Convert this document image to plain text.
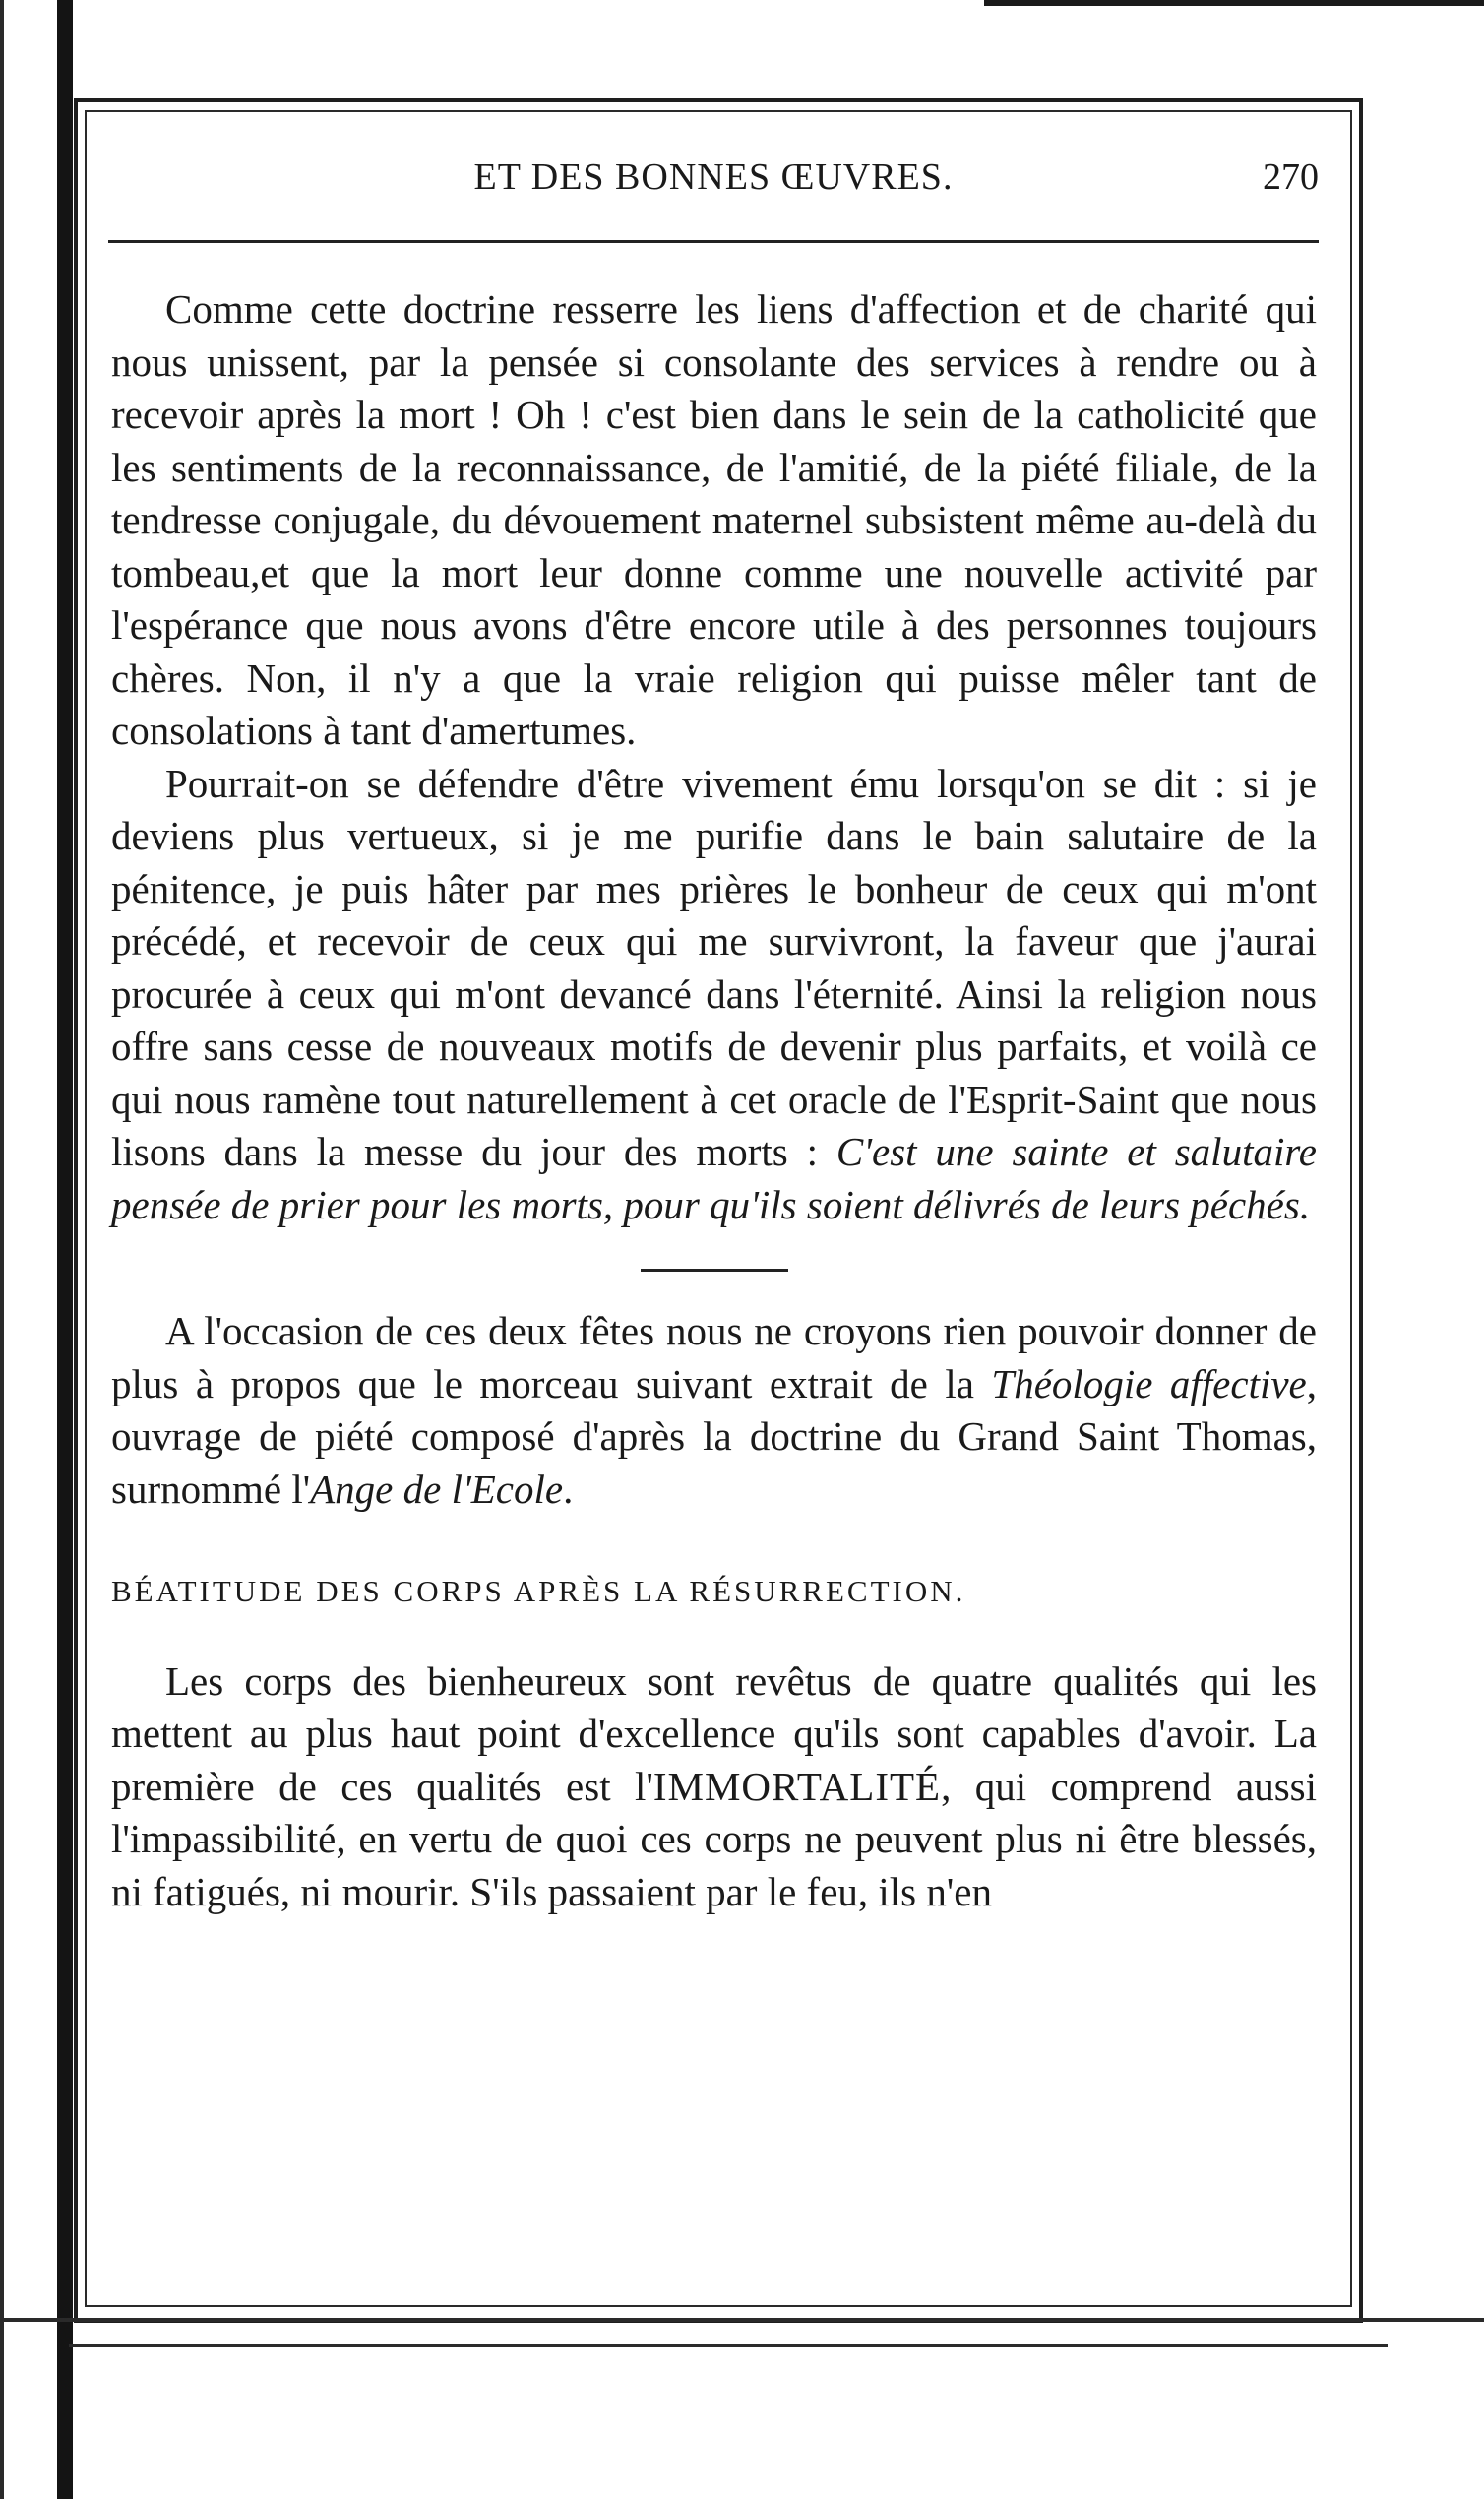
ET DES BONNES ŒUVRES.	270

Comme cette doctrine resserre les liens d'affection et de charité qui nous unissent, par la pensée si consolante des services à rendre ou à recevoir après la mort ! Oh ! c'est bien dans le sein de la catholicité que les sentiments de la reconnaissance, de l'amitié, de la piété filiale, de la tendresse conjugale, du dévouement maternel subsistent même au-delà du tombeau,et que la mort leur donne comme une nouvelle activité par l'espérance que nous avons d'être encore utile à des personnes toujours chères. Non, il n'y a que la vraie religion qui puisse mêler tant de consolations à tant d'amertumes.

Pourrait-on se défendre d'être vivement ému lorsqu'on se dit : si je deviens plus vertueux, si je me purifie dans le bain salutaire de la pénitence, je puis hâter par mes prières le bonheur de ceux qui m'ont précédé, et recevoir de ceux qui me survivront, la faveur que j'aurai procurée à ceux qui m'ont devancé dans l'éternité. Ainsi la religion nous offre sans cesse de nouveaux motifs de devenir plus parfaits, et voilà ce qui nous ramène tout naturellement à cet oracle de l'Esprit-Saint que nous lisons dans la messe du jour des morts : C'est une sainte et salutaire pensée de prier pour les morts, pour qu'ils soient délivrés de leurs péchés.

A l'occasion de ces deux fêtes nous ne croyons rien pouvoir donner de plus à propos que le morceau suivant extrait de la Théologie affective, ouvrage de piété composé d'après la doctrine du Grand Saint Thomas, surnommé l'Ange de l'Ecole.

BÉATITUDE DES CORPS APRÈS LA RÉSURRECTION.

Les corps des bienheureux sont revêtus de quatre qualités qui les mettent au plus haut point d'excellence qu'ils sont capables d'avoir. La première de ces qualités est l'IMMORTALITÉ, qui comprend aussi l'impassibilité, en vertu de quoi ces corps ne peuvent plus ni être blessés, ni fatigués, ni mourir. S'ils passaient par le feu, ils n'en
